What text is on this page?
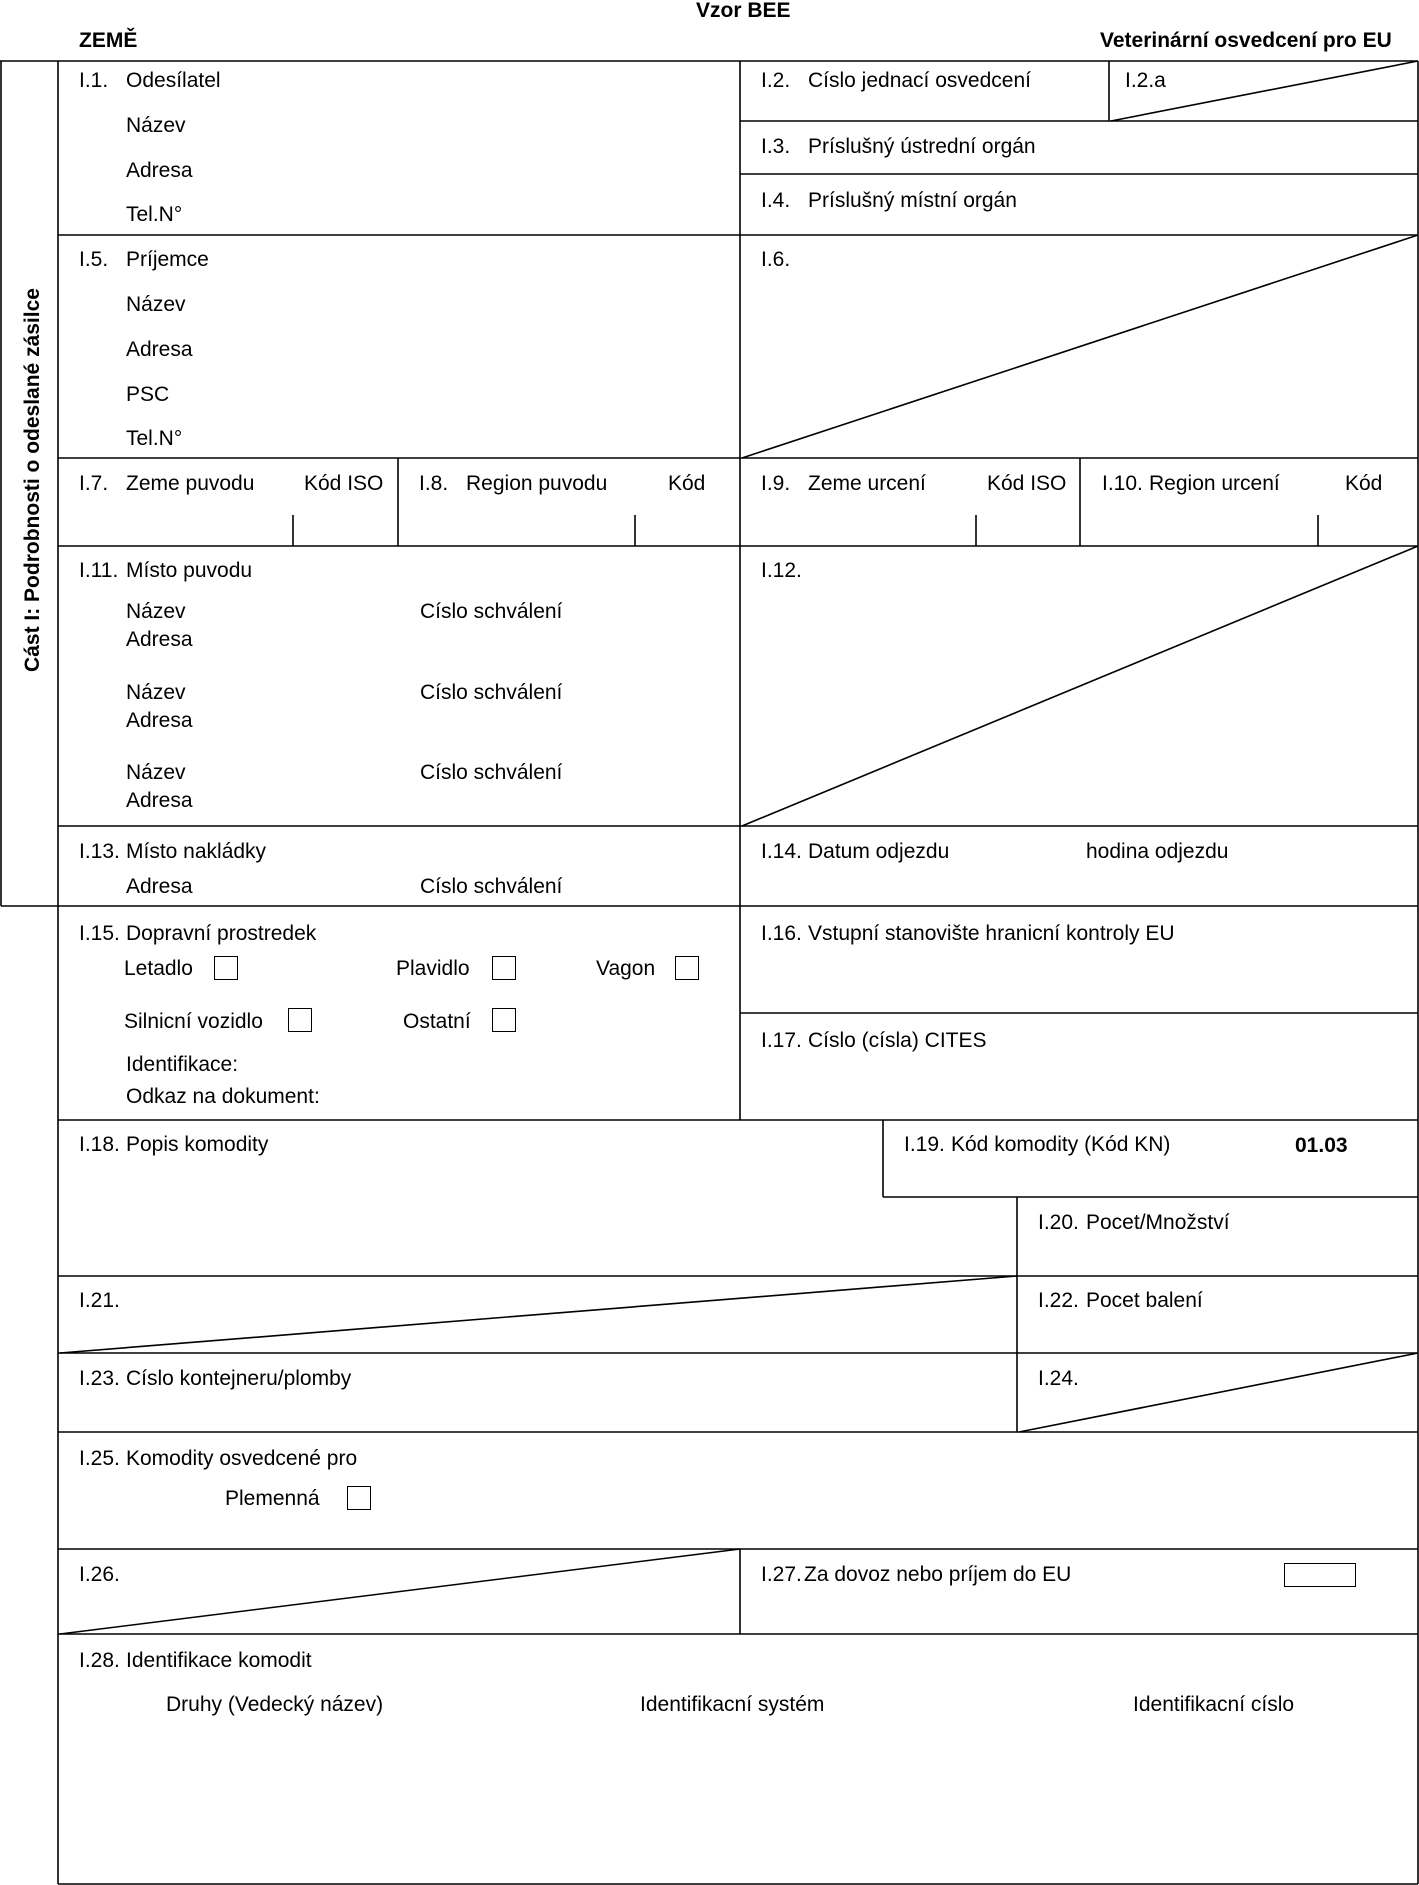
Vzor BEE
ZEMĚ	Veterinární osvedcení pro EU
Cást I: Podrobnosti o odeslané zásilce
I.1. Odesílatel
Název
Adresa
Tel.N°
I.2. Císlo jednací osvedcení	I.2.a
I.3. Príslušný ústrední orgán
I.4. Príslušný místní orgán
I.5. Príjemce
Název
Adresa
PSC
Tel.N°
I.6.
I.7. Zeme puvodu Kód ISO I.8. Region puvodu	Kód	I.9. Zeme urcení	Kód ISO I.10. Region urcení	Kód
I.11. Místo puvodu
Název	Císlo schválení
Adresa
Název	Císlo schválení
Adresa
Název	Císlo schválení
Adresa
I.12.
I.13. Místo nakládky
Adresa	Císlo schválení
I.14. Datum odjezdu	hodina odjezdu
I.15. Dopravní prostredek
Letadlo	Plavidlo	Vagon
Silnicní vozidlo	Ostatní
Identifikace:
Odkaz na dokument:
I.16. Vstupní stanovište hranicní kontroly EU
I.17. Císlo (císla) CITES
I.18. Popis komodity	I.19. Kód komodity (Kód KN)	01.03
I.20. Pocet/Množství
I.21.	I.22. Pocet balení
I.23. Císlo kontejneru/plomby	I.24.
I.25. Komodity osvedcené pro
Plemenná
I.26.	I.27. Za dovoz nebo príjem do EU
I.28. Identifikace komodit
Druhy (Vedecký název)	Identifikacní systém	Identifikacní císlo
